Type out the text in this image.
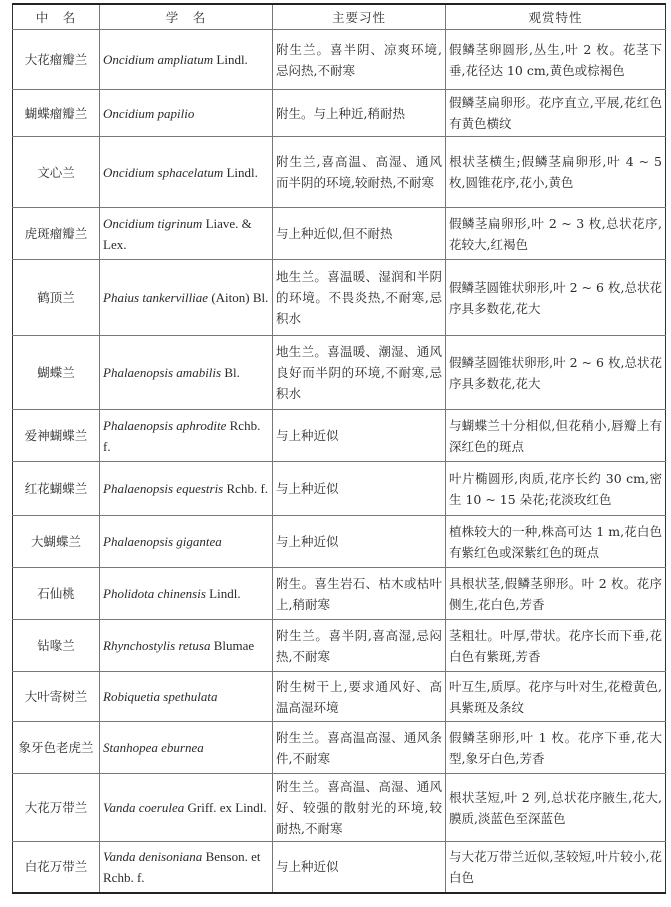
中　名	学　名	主要习性	观赏特性
大花瘤瓣兰	Oncidium ampliatum Lindl.	附生兰。喜半阴、凉爽环境,忌闷热,不耐寒	假鳞茎卵圆形,丛生,叶 2 枚。花茎下垂,花径达 10 cm,黄色或棕褐色
蝴蝶瘤瓣兰	Oncidium papilio	附生。与上种近,稍耐热	假鳞茎扁卵形。花序直立,平展,花红色有黄色横纹
文心兰	Oncidium sphacelatum Lindl.	附生兰,喜高温、高湿、通风而半阴的环境,较耐热,不耐寒	根状茎横生;假鳞茎扁卵形,叶 4 ~ 5 枚,圆锥花序,花小,黄色
虎斑瘤瓣兰	Oncidium tigrinum Liave. & Lex.	与上种近似,但不耐热	假鳞茎扁卵形,叶 2 ~ 3 枚,总状花序,花较大,红褐色
鹤顶兰	Phaius tankervilliae (Aiton) Bl.	地生兰。喜温暖、湿润和半阴的环境。不畏炎热,不耐寒,忌积水	假鳞茎圆锥状卵形,叶 2 ~ 6 枚,总状花序具多数花,花大
蝴蝶兰	Phalaenopsis amabilis Bl.	地生兰。喜温暖、潮湿、通风良好而半阴的环境,不耐寒,忌积水	假鳞茎圆锥状卵形,叶 2 ~ 6 枚,总状花序具多数花,花大
爱神蝴蝶兰	Phalaenopsis aphrodite Rchb. f.	与上种近似	与蝴蝶兰十分相似,但花稍小,唇瓣上有深红色的斑点
红花蝴蝶兰	Phalaenopsis equestris Rchb. f.	与上种近似	叶片椭圆形,肉质,花序长约 30 cm,密生 10 ~ 15 朵花;花淡玫红色
大蝴蝶兰	Phalaenopsis gigantea	与上种近似	植株较大的一种,株高可达 1 m,花白色有紫红色或深紫红色的斑点
石仙桃	Pholidota chinensis Lindl.	附生。喜生岩石、枯木或枯叶上,稍耐寒	具根状茎,假鳞茎卵形。叶 2 枚。花序侧生,花白色,芳香
钻喙兰	Rhynchostylis retusa Blumae	附生兰。喜半阴,喜高湿,忌闷热,不耐寒	茎粗壮。叶厚,带状。花序长而下垂,花白色有紫斑,芳香
大叶寄树兰	Robiquetia spethulata	附生树干上,要求通风好、高温高湿环境	叶互生,质厚。花序与叶对生,花橙黄色,具紫斑及条纹
象牙色老虎兰	Stanhopea eburnea	附生兰。喜高温高湿、通风条件,不耐寒	假鳞茎卵形,叶 1 枚。花序下垂,花大型,象牙白色,芳香
大花万带兰	Vanda coerulea Griff. ex Lindl.	附生兰。喜高温、高湿、通风好、较强的散射光的环境,较耐热,不耐寒	根状茎短,叶 2 列,总状花序腋生,花大,膜质,淡蓝色至深蓝色
白花万带兰	Vanda denisoniana Benson. et Rchb. f.	与上种近似	与大花万带兰近似,茎较短,叶片较小,花白色
